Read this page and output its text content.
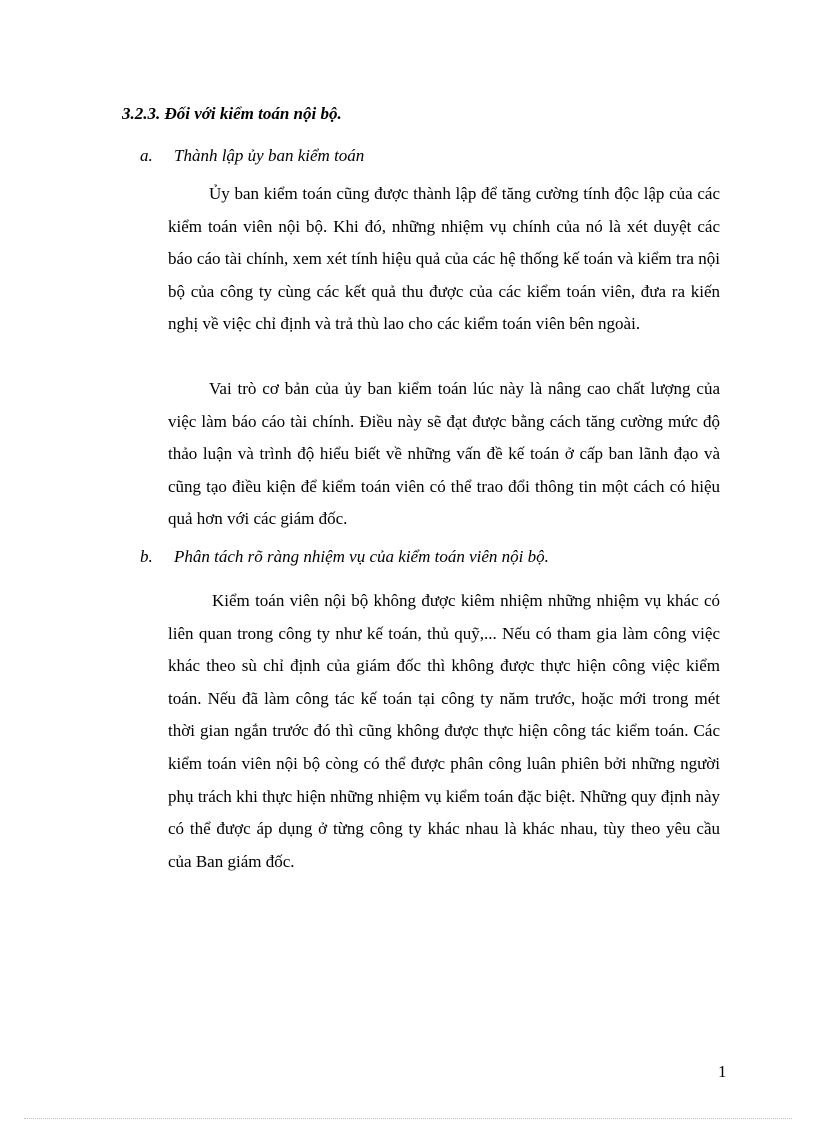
3.2.3. Đối với kiểm toán nội bộ.
a.	Thành lập ủy ban kiểm toán

Ủy ban kiểm toán cũng được thành lập để tăng cường tính độc lập của các kiểm toán viên nội bộ. Khi đó, những nhiệm vụ chính của nó là xét duyệt các báo cáo tài chính, xem xét tính hiệu quả của các hệ thống kế toán và kiểm tra nội bộ của công ty cùng các kết quả thu được của các kiểm toán viên, đưa ra kiến nghị về việc chỉ định và trả thù lao cho các kiểm toán viên bên ngoài.

Vai trò cơ bản của ủy ban kiểm toán lúc này là nâng cao chất lượng của việc làm báo cáo tài chính. Điều này sẽ đạt được bằng cách tăng cường mức độ thảo luận và trình độ hiểu biết về những vấn đề kế toán ở cấp ban lãnh đạo và cũng tạo điều kiện để kiểm toán viên có thể trao đổi thông tin một cách có hiệu quả hơn với các giám đốc.

b.	Phân tách rõ ràng nhiệm vụ của kiểm toán viên nội bộ.

Kiểm toán viên nội bộ không được kiêm nhiệm những nhiệm vụ khác có liên quan trong công ty như kế toán, thủ quỹ,... Nếu có tham gia làm công việc khác theo sù chỉ định của giám đốc thì không được thực hiện công việc kiểm toán. Nếu đã làm công tác kế toán tại công ty năm trước, hoặc mới trong mét thời gian ngắn trước đó thì cũng không được thực hiện công tác kiểm toán. Các kiểm toán viên nội bộ còng có thể được phân công luân phiên bởi những người phụ trách khi thực hiện những nhiệm vụ kiểm toán đặc biệt. Những quy định này có thể được áp dụng ở từng công ty khác nhau là khác nhau, tùy theo yêu cầu của Ban giám đốc.

1
